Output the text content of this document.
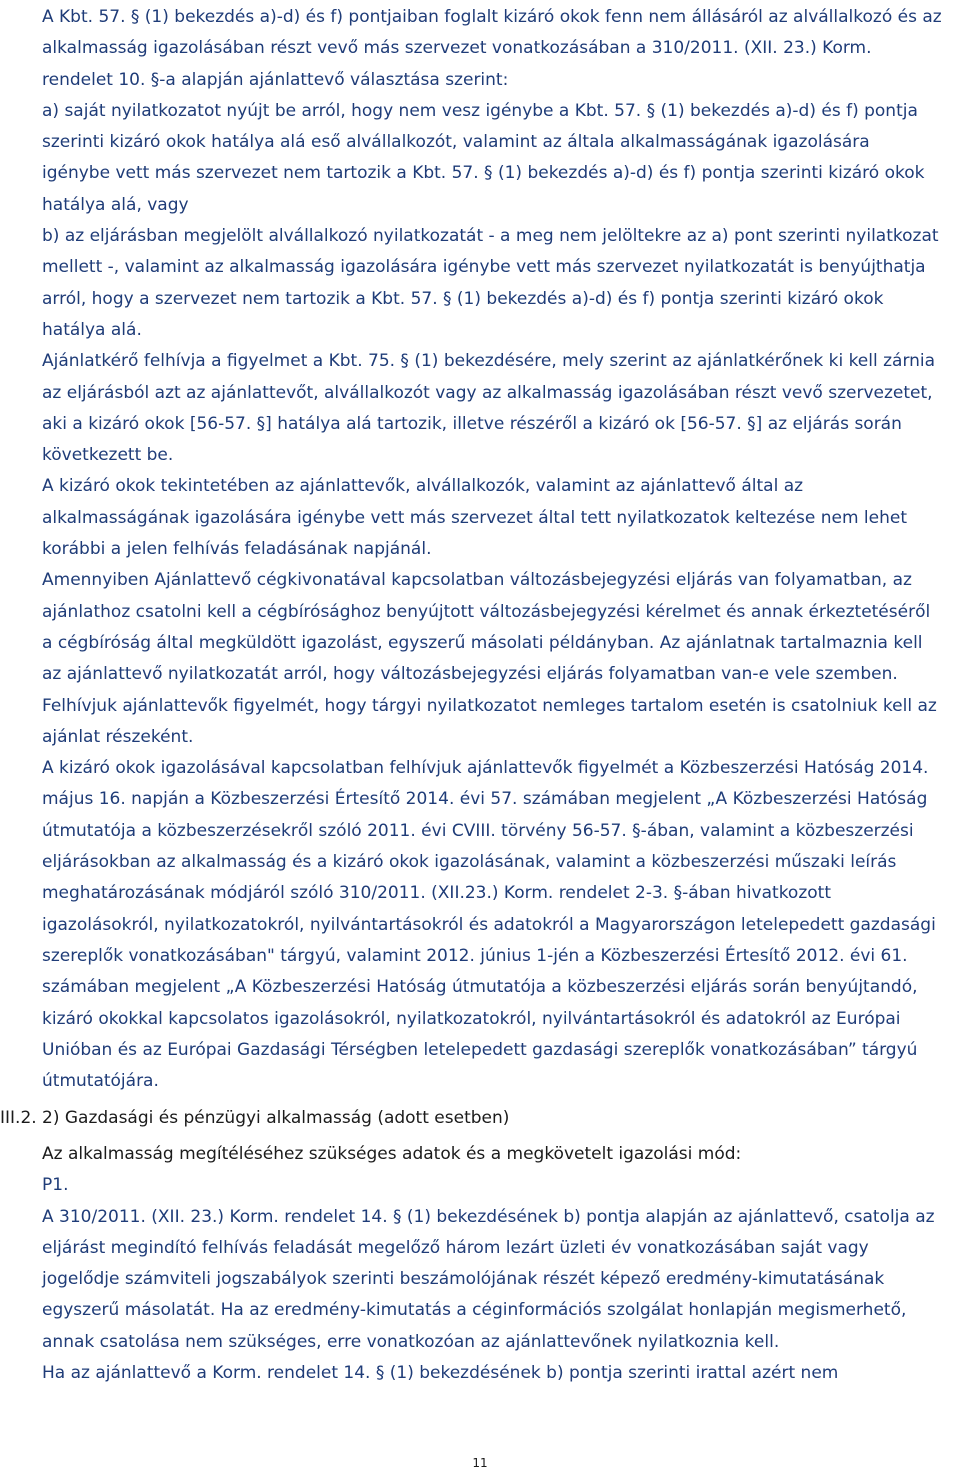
A Kbt. 57. § (1) bekezdés a)-d) és f) pontjaiban foglalt kizáró okok fenn nem állásáról az alvállalkozó és az alkalmasság igazolásában részt vevő más szervezet vonatkozásában a 310/2011. (XII. 23.) Korm. rendelet 10. §-a alapján ajánlattevő választása szerint:

a) saját nyilatkozatot nyújt be arról, hogy nem vesz igénybe a Kbt. 57. § (1) bekezdés a)-d) és f) pontja szerinti kizáró okok hatálya alá eső alvállalkozót, valamint az általa alkalmasságának igazolására igénybe vett más szervezet nem tartozik a Kbt. 57. § (1) bekezdés a)-d) és f) pontja szerinti kizáró okok hatálya alá, vagy

b) az eljárásban megjelölt alvállalkozó nyilatkozatát - a meg nem jelöltekre az a) pont szerinti nyilatkozat mellett -, valamint az alkalmasság igazolására igénybe vett más szervezet nyilatkozatát is benyújthatja arról, hogy a szervezet nem tartozik a Kbt. 57. § (1) bekezdés a)-d) és f) pontja szerinti kizáró okok hatálya alá.

Ajánlatkérő felhívja a figyelmet a Kbt. 75. § (1) bekezdésére, mely szerint az ajánlatkérőnek ki kell zárnia az eljárásból azt az ajánlattevőt, alvállalkozót vagy az alkalmasság igazolásában részt vevő szervezetet, aki a kizáró okok [56-57. §] hatálya alá tartozik, illetve részéről a kizáró ok [56-57. §] az eljárás során következett be.

A kizáró okok tekintetében az ajánlattevők, alvállalkozók, valamint az ajánlattevő által az alkalmasságának igazolására igénybe vett más szervezet által tett nyilatkozatok keltezése nem lehet korábbi a jelen felhívás feladásának napjánál.

Amennyiben Ajánlattevő cégkivonatával kapcsolatban változásbejegyzési eljárás van folyamatban, az ajánlathoz csatolni kell a cégbírósághoz benyújtott változásbejegyzési kérelmet és annak érkeztetéséről a cégbíróság által megküldött igazolást, egyszerű másolati példányban. Az ajánlatnak tartalmaznia kell az ajánlattevő nyilatkozatát arról, hogy változásbejegyzési eljárás folyamatban van-e vele szemben. Felhívjuk ajánlattevők figyelmét, hogy tárgyi nyilatkozatot nemleges tartalom esetén is csatolniuk kell az ajánlat részeként.

A kizáró okok igazolásával kapcsolatban felhívjuk ajánlattevők figyelmét a Közbeszerzési Hatóság 2014. május 16. napján a Közbeszerzési Értesítő 2014. évi 57. számában megjelent „A Közbeszerzési Hatóság útmutatója a közbeszerzésekről szóló 2011. évi CVIII. törvény 56-57. §-ában, valamint a közbeszerzési eljárásokban az alkalmasság és a kizáró okok igazolásának, valamint a közbeszerzési műszaki leírás meghatározásának módjáról szóló 310/2011. (XII.23.) Korm. rendelet 2-3. §-ában hivatkozott igazolásokról, nyilatkozatokról, nyilvántartásokról és adatokról a Magyarországon letelepedett gazdasági szereplők vonatkozásában" tárgyú, valamint 2012. június 1-jén a Közbeszerzési Értesítő 2012. évi 61. számában megjelent „A Közbeszerzési Hatóság útmutatója a közbeszerzési eljárás során benyújtandó, kizáró okokkal kapcsolatos igazolásokról, nyilatkozatokról, nyilvántartásokról és adatokról az Európai Unióban és az Európai Gazdasági Térségben letelepedett gazdasági szereplők vonatkozásában” tárgyú útmutatójára.

III.2. 2) Gazdasági és pénzügyi alkalmasság (adott esetben)

Az alkalmasság megítéléséhez szükséges adatok és a megkövetelt igazolási mód:

P1.

A 310/2011. (XII. 23.) Korm. rendelet 14. § (1) bekezdésének b) pontja alapján az ajánlattevő, csatolja az eljárást megindító felhívás feladását megelőző három lezárt üzleti év vonatkozásában saját vagy jogelődje számviteli jogszabályok szerinti beszámolójának részét képező eredmény-kimutatásának egyszerű másolatát. Ha az eredmény-kimutatás a céginformációs szolgálat honlapján megismerhető, annak csatolása nem szükséges, erre vonatkozóan az ajánlattevőnek nyilatkoznia kell.

Ha az ajánlattevő a Korm. rendelet 14. § (1) bekezdésének b) pontja szerinti irattal azért nem

11
